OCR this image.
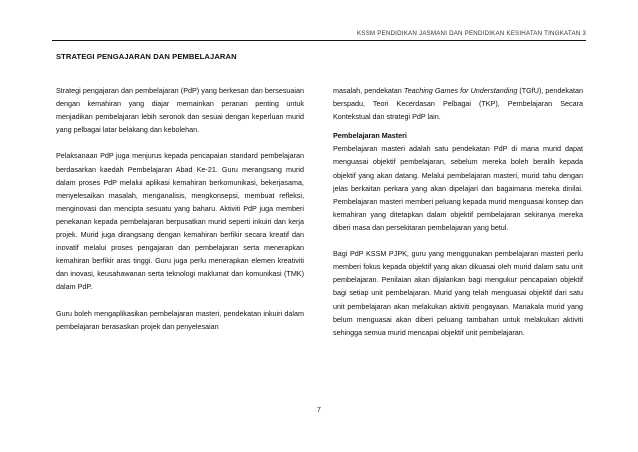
KSSM PENDIDIKAN JASMANI DAN PENDIDIKAN KESIHATAN TINGKATAN 3
STRATEGI PENGAJARAN DAN PEMBELAJARAN

Strategi pengajaran dan pembelajaran (PdP) yang berkesan dan bersesuaian dengan kemahiran yang diajar memainkan peranan penting untuk menjadikan pembelajaran lebih seronok dan sesuai dengan keperluan murid yang pelbagai latar belakang dan kebolehan.

Pelaksanaan PdP juga menjurus kepada pencapaian standard pembelajaran berdasarkan kaedah Pembelajaran Abad Ke-21. Guru merangsang murid dalam proses PdP melalui aplikasi kemahiran berkomunikasi, bekerjasama, menyelesaikan masalah, menganalisis, mengkonsepsi, membuat refleksi, menginovasi dan mencipta sesuatu yang baharu. Aktiviti PdP juga memberi penekanan kepada pembelajaran berpusatkan murid seperti inkuiri dan kerja projek. Murid juga dirangsang dengan kemahiran berfikir secara kreatif dan inovatif melalui proses pengajaran dan pembelajaran serta menerapkan kemahiran berfikir aras tinggi. Guru juga perlu menerapkan elemen kreativiti dan inovasi, keusahawanan serta teknologi maklumat dan komunikasi (TMK) dalam PdP.

Guru boleh mengaplikasikan pembelajaran masteri, pendekatan inkuiri dalam pembelajaran berasaskan projek dan penyelesaian

masalah, pendekatan Teaching Games for Understanding (TGfU), pendekatan berspadu, Teori Kecerdasan Pelbagai (TKP), Pembelajaran Secara Kontekstual dan strategi PdP lain.

Pembelajaran Masteri

Pembelajaran masteri adalah satu pendekatan PdP di mana murid dapat menguasai objektif pembelajaran, sebelum mereka boleh beralih kepada objektif yang akan datang. Melalui pembelajaran masteri, murid tahu dengan jelas berkaitan perkara yang akan dipelajari dan bagaimana mereka dinilai. Pembelajaran masteri memberi peluang kepada murid menguasai konsep dan kemahiran yang ditetapkan dalam objektif pembelajaran sekiranya mereka diberi masa dan persekitaran pembelajaran yang betul.

Bagi PdP KSSM PJPK, guru yang menggunakan pembelajaran masteri perlu memberi fokus kepada objektif yang akan dikuasai oleh murid dalam satu unit pembelajaran. Penilaian akan dijalankan bagi mengukur pencapaian objektif bagi setiap unit pembelajaran. Murid yang telah menguasai objektif dari satu unit pembelajaran akan melakukan aktiviti pengayaan. Manakala murid yang belum menguasai akan diberi peluang tambahan untuk melakukan aktiviti sehingga semua murid mencapai objektif unit pembelajaran.

7
